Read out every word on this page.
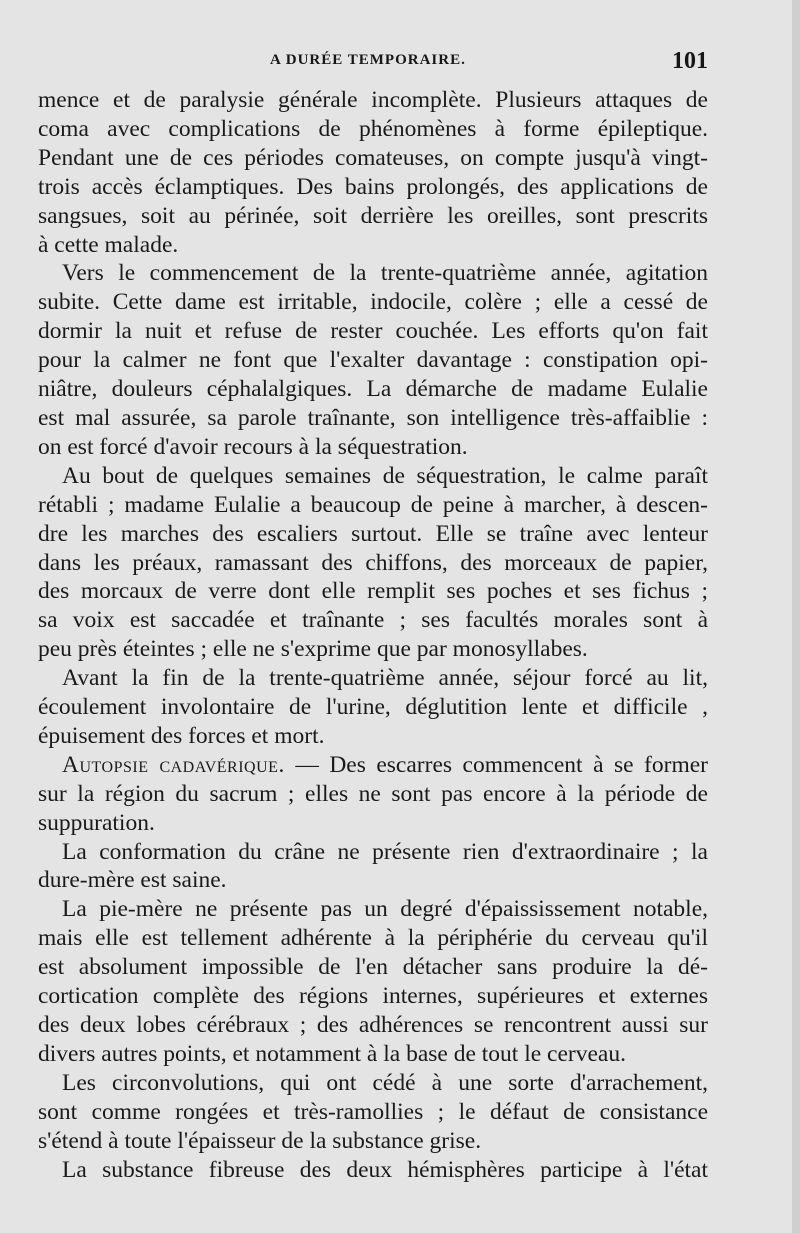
A DURÉE TEMPORAIRE.	101
mence et de paralysie générale incomplète. Plusieurs attaques de
coma avec complications de phénomènes à forme épileptique.
Pendant une de ces périodes comateuses, on compte jusqu'à vingt-
trois accès éclamptiques. Des bains prolongés, des applications de
sangsues, soit au périnée, soit derrière les oreilles, sont prescrits
à cette malade.
Vers le commencement de la trente-quatrième année, agitation
subite. Cette dame est irritable, indocile, colère ; elle a cessé de
dormir la nuit et refuse de rester couchée. Les efforts qu'on fait
pour la calmer ne font que l'exalter davantage : constipation opi-
niâtre, douleurs céphalalgiques. La démarche de madame Eulalie
est mal assurée, sa parole traînante, son intelligence très-affaiblie :
on est forcé d'avoir recours à la séquestration.
Au bout de quelques semaines de séquestration, le calme paraît
rétabli ; madame Eulalie a beaucoup de peine à marcher, à descen-
dre les marches des escaliers surtout. Elle se traîne avec lenteur
dans les préaux, ramassant des chiffons, des morceaux de papier,
des morcaux de verre dont elle remplit ses poches et ses fichus ;
sa voix est saccadée et traînante ; ses facultés morales sont à
peu près éteintes ; elle ne s'exprime que par monosyllabes.
Avant la fin de la trente-quatrième année, séjour forcé au lit,
écoulement involontaire de l'urine, déglutition lente et difficile ,
épuisement des forces et mort.
Autopsie cadavérique. — Des escarres commencent à se former
sur la région du sacrum ; elles ne sont pas encore à la période de
suppuration.
La conformation du crâne ne présente rien d'extraordinaire ; la
dure-mère est saine.
La pie-mère ne présente pas un degré d'épaississement notable,
mais elle est tellement adhérente à la périphérie du cerveau qu'il
est absolument impossible de l'en détacher sans produire la dé-
cortication complète des régions internes, supérieures et externes
des deux lobes cérébraux ; des adhérences se rencontrent aussi sur
divers autres points, et notamment à la base de tout le cerveau.
Les circonvolutions, qui ont cédé à une sorte d'arrachement,
sont comme rongées et très-ramollies ; le défaut de consistance
s'étend à toute l'épaisseur de la substance grise.
La substance fibreuse des deux hémisphères participe à l'état
